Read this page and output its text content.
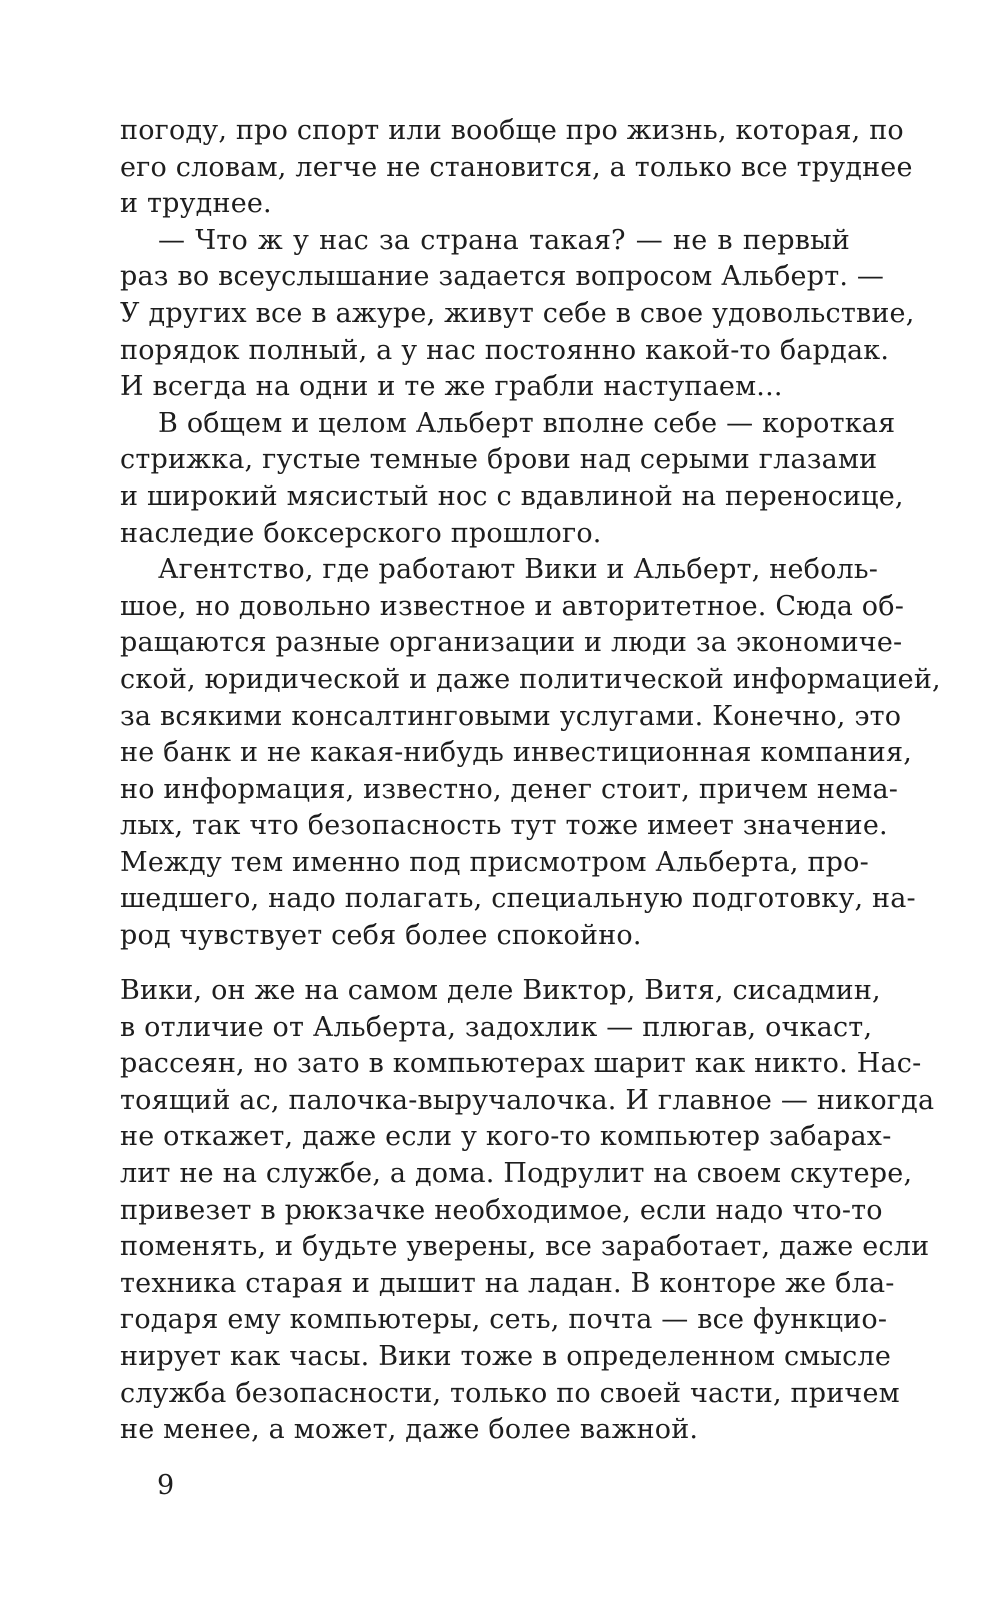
погоду, про спорт или вообще про жизнь, которая, по
его словам, легче не становится, а только все труднее
и труднее.
— Что ж у нас за страна такая? — не в первый
раз во всеуслышание задается вопросом Альберт. —
У других все в ажуре, живут себе в свое удовольствие,
порядок полный, а у нас постоянно какой-то бардак.
И всегда на одни и те же грабли наступаем...
В общем и целом Альберт вполне себе — короткая
стрижка, густые темные брови над серыми глазами
и широкий мясистый нос с вдавлиной на переносице,
наследие боксерского прошлого.
Агентство, где работают Вики и Альберт, неболь-
шое, но довольно известное и авторитетное. Сюда об-
ращаются разные организации и люди за экономиче-
ской, юридической и даже политической информацией,
за всякими консалтинговыми услугами. Конечно, это
не банк и не какая-нибудь инвестиционная компания,
но информация, известно, денег стоит, причем нема-
лых, так что безопасность тут тоже имеет значение.
Между тем именно под присмотром Альберта, про-
шедшего, надо полагать, специальную подготовку, на-
род чувствует себя более спокойно.
Вики, он же на самом деле Виктор, Витя, сисадмин,
в отличие от Альберта, задохлик — плюгав, очкаст,
рассеян, но зато в компьютерах шарит как никто. Нас-
тоящий ас, палочка-выручалочка. И главное — никогда
не откажет, даже если у кого-то компьютер забарах-
лит не на службе, а дома. Подрулит на своем скутере,
привезет в рюкзачке необходимое, если надо что-то
поменять, и будьте уверены, все заработает, даже если
техника старая и дышит на ладан. В конторе же бла-
годаря ему компьютеры, сеть, почта — все функцио-
нирует как часы. Вики тоже в определенном смысле
служба безопасности, только по своей части, причем
не менее, а может, даже более важной.
9
